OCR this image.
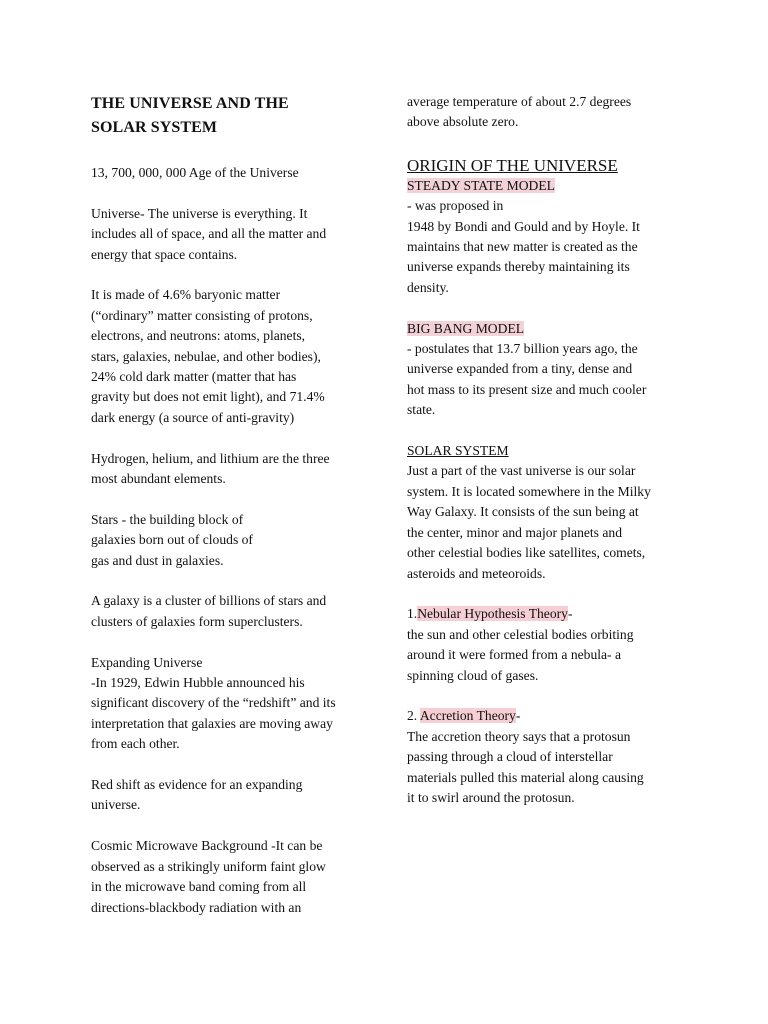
THE UNIVERSE AND THE

SOLAR SYSTEM

13, 700, 000, 000 Age of the Universe

Universe- The universe is everything. It

includes all of space, and all the matter and

energy that space contains.

It is made of 4.6% baryonic matter

(“ordinary” matter consisting of protons,

electrons, and neutrons: atoms, planets,

stars, galaxies, nebulae, and other bodies),

24% cold dark matter (matter that has

gravity but does not emit light), and 71.4%

dark energy (a source of anti-gravity)

Hydrogen, helium, and lithium are the three

most abundant elements.

Stars - the building block of

galaxies born out of clouds of

gas and dust in galaxies.

A galaxy is a cluster of billions of stars and

clusters of galaxies form superclusters.

Expanding Universe

-In 1929, Edwin Hubble announced his

significant discovery of the “redshift” and its

interpretation that galaxies are moving away

from each other.

Red shift as evidence for an expanding

universe.

Cosmic Microwave Background -It can be

observed as a strikingly uniform faint glow

in the microwave band coming from all

directions-blackbody radiation with an

average temperature of about 2.7 degrees

above absolute zero.

ORIGIN OF THE UNIVERSE

STEADY STATE MODEL

- was proposed in

1948 by Bondi and Gould and by Hoyle. It

maintains that new matter is created as the

universe expands thereby maintaining its

density.

BIG BANG MODEL

- postulates that 13.7 billion years ago, the

universe expanded from a tiny, dense and

hot mass to its present size and much cooler

state.

SOLAR SYSTEM

Just a part of the vast universe is our solar

system. It is located somewhere in the Milky

Way Galaxy. It consists of the sun being at

the center, minor and major planets and

other celestial bodies like satellites, comets,

asteroids and meteoroids.

1.Nebular Hypothesis Theory-

the sun and other celestial bodies orbiting

around it were formed from a nebula- a

spinning cloud of gases.

2. Accretion Theory-

The accretion theory says that a protosun

passing through a cloud of interstellar

materials pulled this material along causing

it to swirl around the protosun.
